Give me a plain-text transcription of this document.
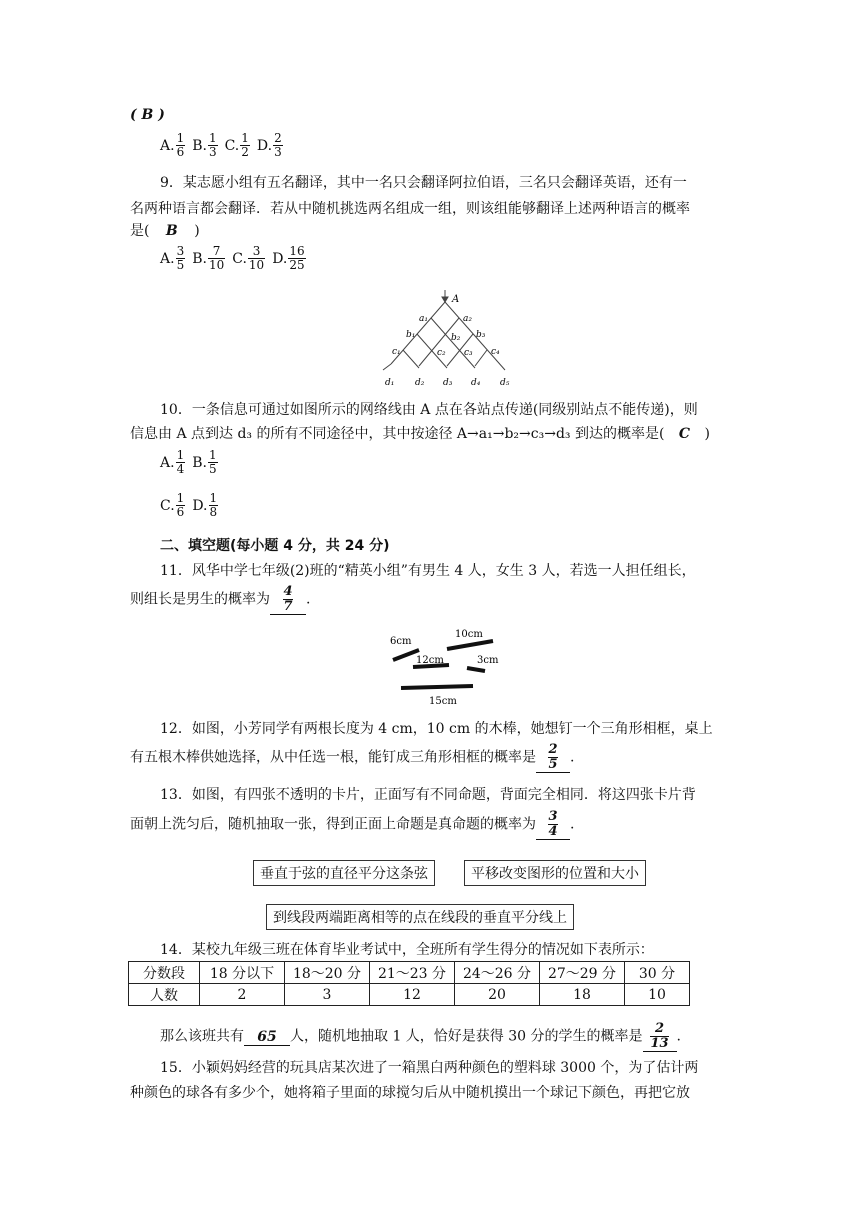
( B )
A. $\frac{1}{6} B$. $\frac{1}{3} C$. $\frac{1}{2} D$. $\frac{2}{3}$
9．某志愿小组有五名翻译，其中一名只会翻译阿拉伯语，三名只会翻译英语，还有一
名两种语言都会翻译．若从中随机挑选两名组成一组，则该组能够翻译上述两种语言的概率
是( B )
A. $\frac{3}{5} B$. $\frac{7}{10} C$. $\frac{3}{10} D$. $\frac{16}{25}$
A
a₁	a₂
b₁	b₂ b₃
c₁	c₂ c₃ c₄
d₁ d₂ d₃ d₄ d₅
10．一条信息可通过如图所示的网络线由 A 点在各站点传递(同级别站点不能传递)，则
信息由 A 点到达 d₃ 的所有不同途径中，其中按途径 A→a₁→b₂→c₃→d₃ 到达的概率是( C )
A. $\frac{1}{4} B$. $\frac{1}{5}$
C. $\frac{1}{6} D$. $\frac{1}{8}$
二、填空题(每小题 4 分，共 24 分)
11．风华中学七年级(2)班的“精英小组”有男生 4 人，女生 3 人，若选一人担任组长，
则组长是男生的概率为 $\frac{4}{7}$ .
6cm
10cm
12cm	3cm
15cm
12．如图，小芳同学有两根长度为 4 cm，10 cm 的木棒，她想钉一个三角形相框，桌上
有五根木棒供她选择，从中任选一根，能钉成三角形相框的概率是 $\frac{2}{5}$ .
13．如图，有四张不透明的卡片，正面写有不同命题，背面完全相同．将这四张卡片背
面朝上洗匀后，随机抽取一张，得到正面上命题是真命题的概率为 $\frac{3}{4}$ .
垂直于弦的直径平分这条弦	平移改变图形的位置和大小
到线段两端距离相等的点在线段的垂直平分线上
14．某校九年级三班在体育毕业考试中，全班所有学生得分的情况如下表所示：
分数段	18 分以下	18～20 分	21～23 分	24～26 分	27～29 分	30 分
人数	2	3	12	20	18	10
那么该班共有 65 人，随机地抽取 1 人，恰好是获得 30 分的学生的概率是 $\frac{2}{13}$ .
15．小颖妈妈经营的玩具店某次进了一箱黑白两种颜色的塑料球 3000 个，为了估计两
种颜色的球各有多少个，她将箱子里面的球搅匀后从中随机摸出一个球记下颜色，再把它放
